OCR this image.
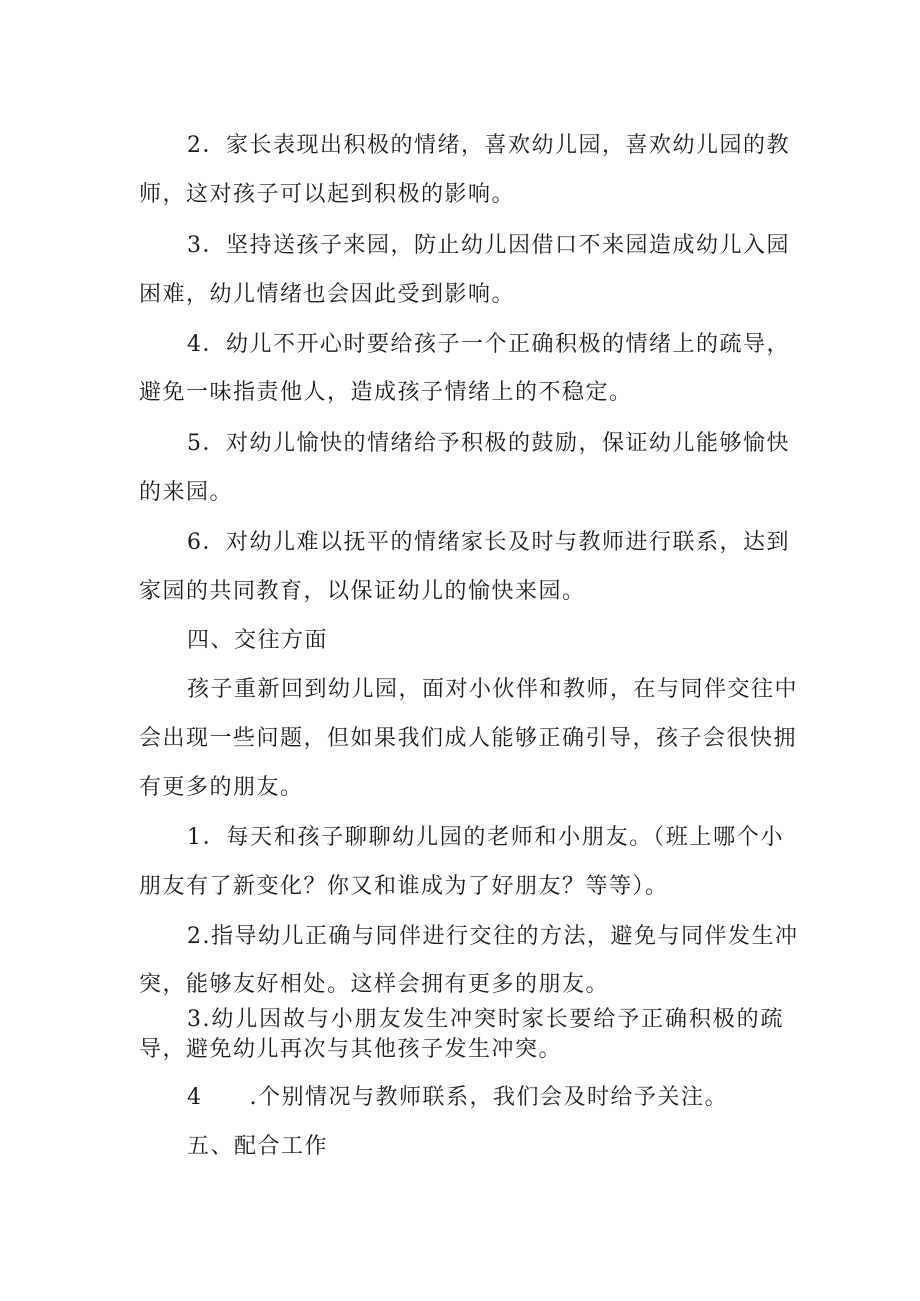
2．家长表现出积极的情绪，喜欢幼儿园，喜欢幼儿园的教
师，这对孩子可以起到积极的影响。
3．坚持送孩子来园，防止幼儿因借口不来园造成幼儿入园
困难，幼儿情绪也会因此受到影响。
4．幼儿不开心时要给孩子一个正确积极的情绪上的疏导，
避免一味指责他人，造成孩子情绪上的不稳定。
5．对幼儿愉快的情绪给予积极的鼓励，保证幼儿能够愉快
的来园。
6．对幼儿难以抚平的情绪家长及时与教师进行联系，达到
家园的共同教育，以保证幼儿的愉快来园。
四、交往方面
孩子重新回到幼儿园，面对小伙伴和教师，在与同伴交往中
会出现一些问题，但如果我们成人能够正确引导，孩子会很快拥
有更多的朋友。
1．每天和孩子聊聊幼儿园的老师和小朋友。（班上哪个小
朋友有了新变化？你又和谁成为了好朋友？等等）。
2.指导幼儿正确与同伴进行交往的方法，避免与同伴发生冲
突，能够友好相处。这样会拥有更多的朋友。
3.幼儿因故与小朋友发生冲突时家长要给予正确积极的疏
导，避免幼儿再次与其他孩子发生冲突。
4　　.个别情况与教师联系，我们会及时给予关注。
五、配合工作
